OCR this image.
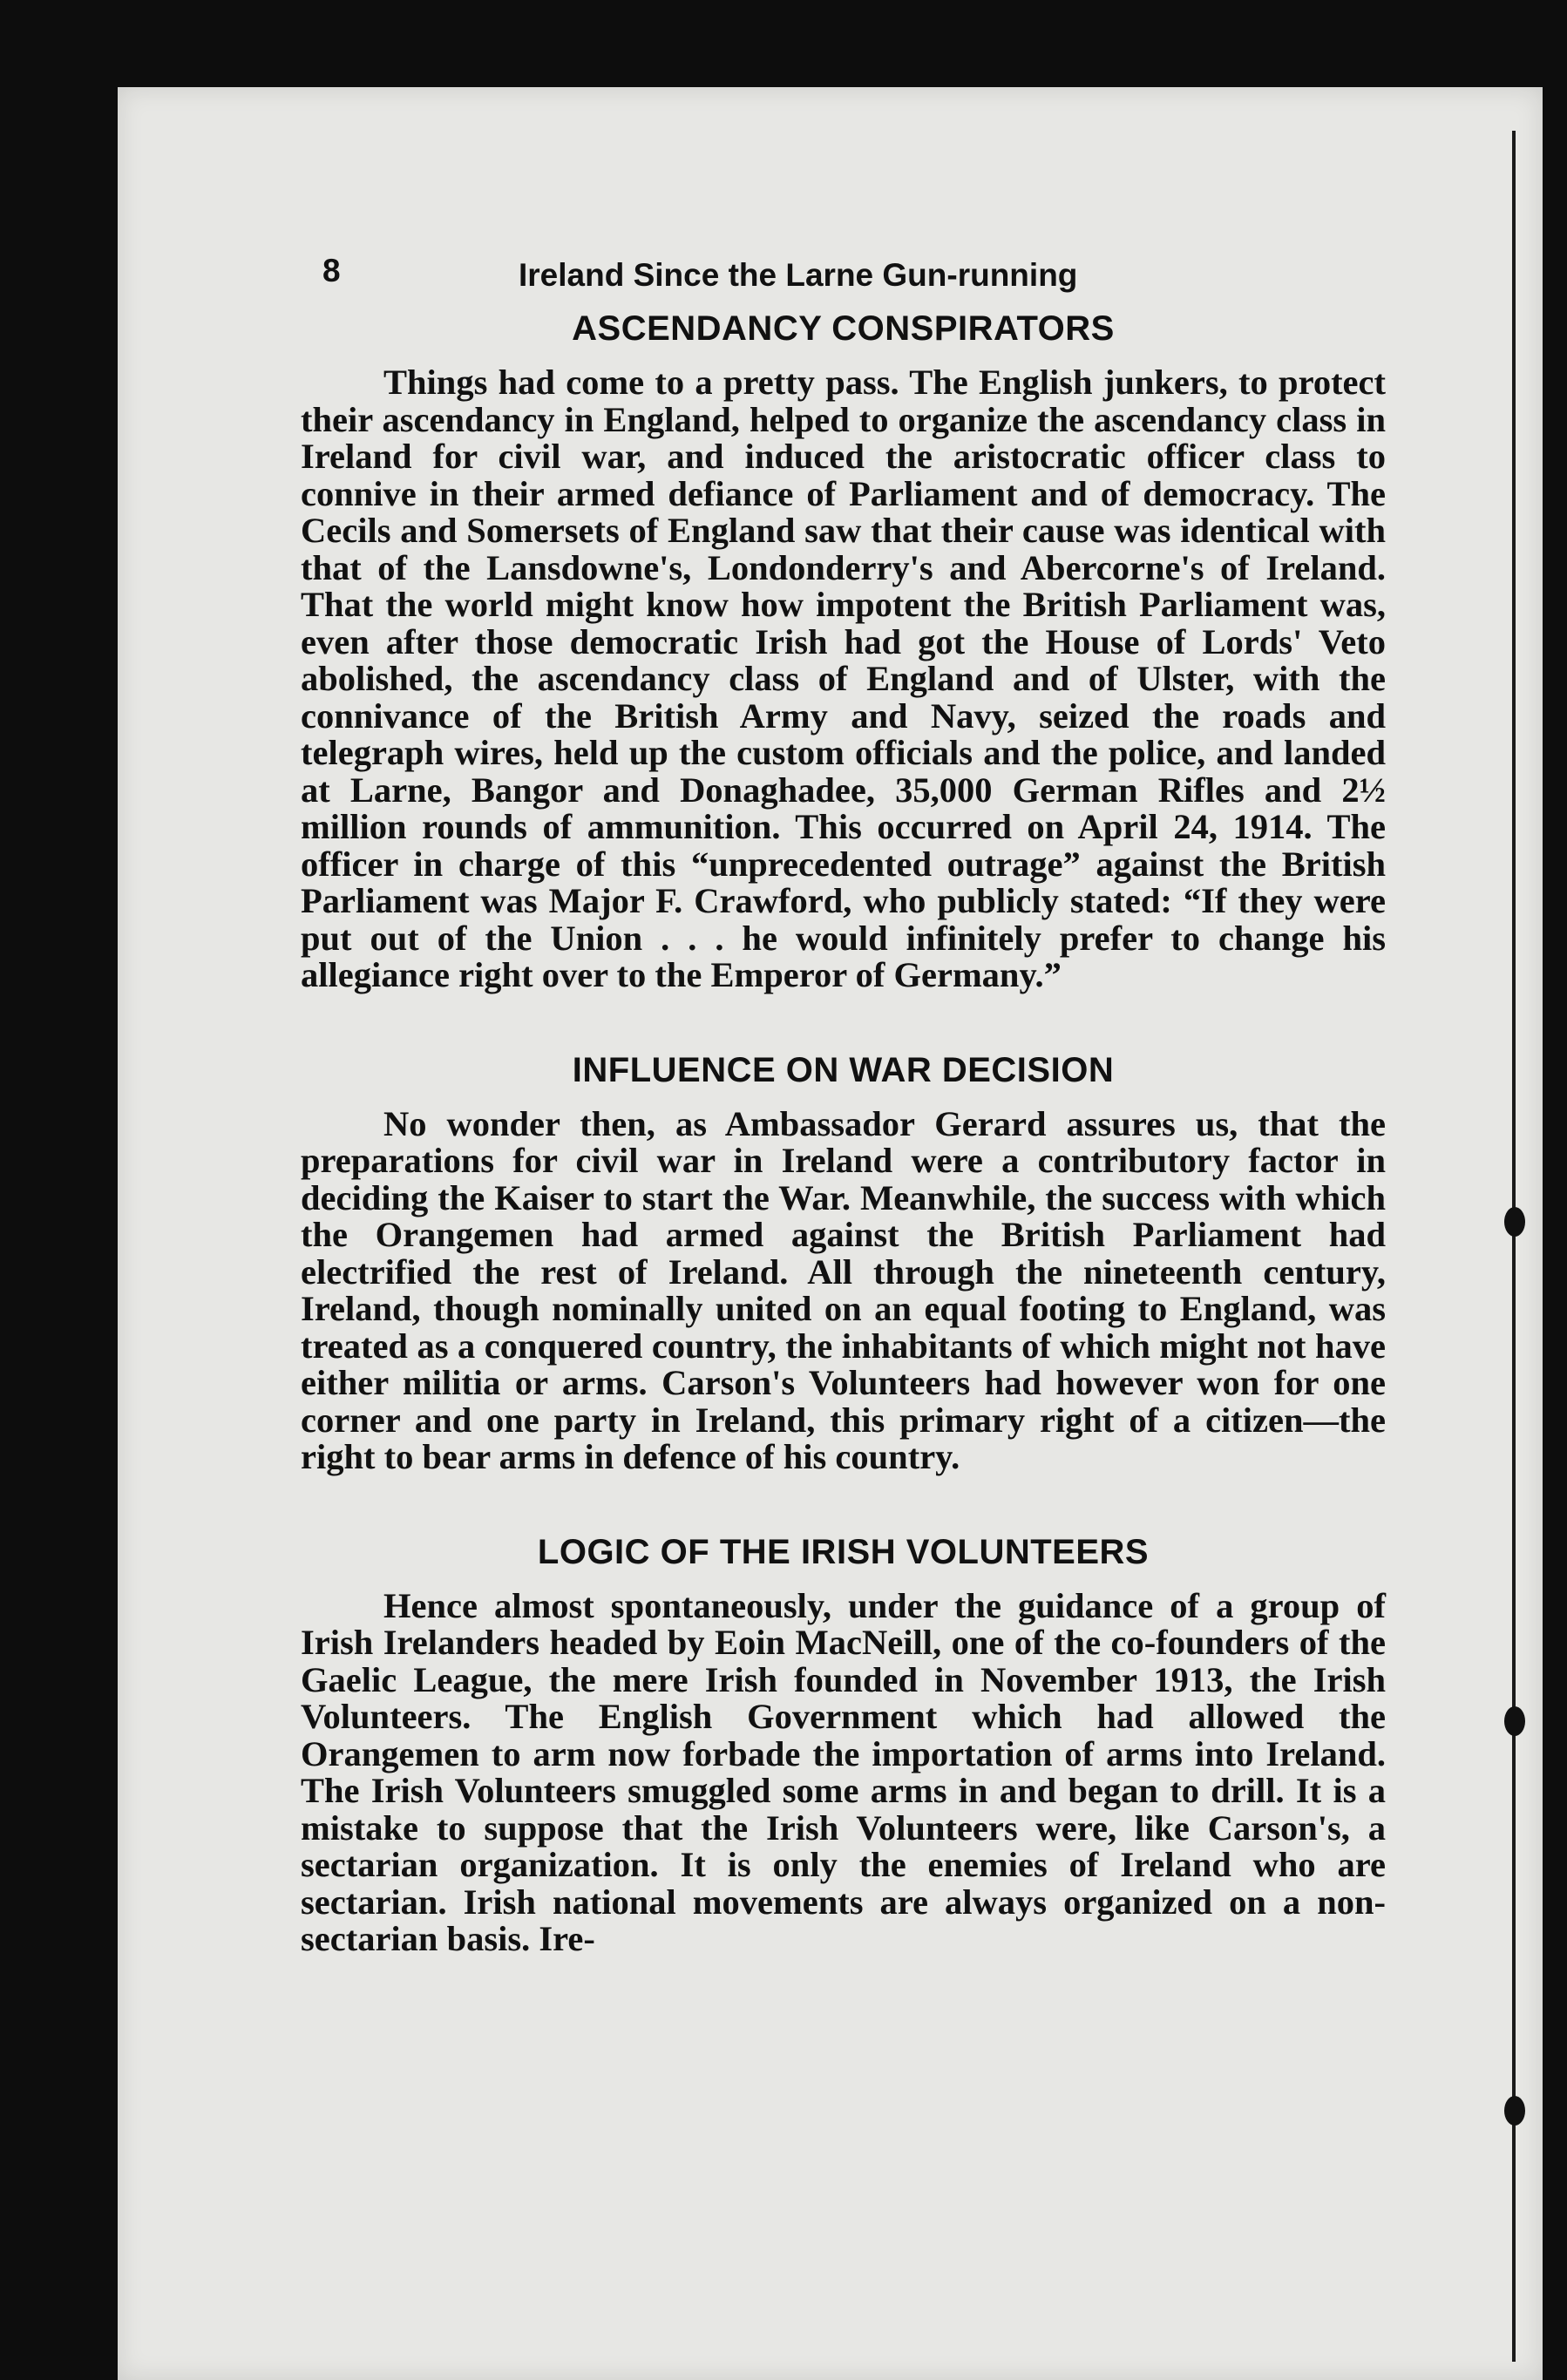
8	Ireland Since the Larne Gun-running
ASCENDANCY CONSPIRATORS

Things had come to a pretty pass. The English junkers, to protect their ascendancy in England, helped to organize the ascendancy class in Ireland for civil war, and induced the aristocratic officer class to connive in their armed defiance of Parliament and of democracy. The Cecils and Somersets of England saw that their cause was identical with that of the Lansdowne's, Londonderry's and Abercorne's of Ireland. That the world might know how impotent the British Parliament was, even after those democratic Irish had got the House of Lords' Veto abolished, the ascendancy class of England and of Ulster, with the connivance of the British Army and Navy, seized the roads and telegraph wires, held up the custom officials and the police, and landed at Larne, Bangor and Donaghadee, 35,000 German Rifles and 2½ million rounds of ammunition. This occurred on April 24, 1914. The officer in charge of this “unprecedented outrage” against the British Parliament was Major F. Crawford, who publicly stated: “If they were put out of the Union . . . he would infinitely prefer to change his allegiance right over to the Emperor of Germany.”

INFLUENCE ON WAR DECISION

No wonder then, as Ambassador Gerard assures us, that the preparations for civil war in Ireland were a contributory factor in deciding the Kaiser to start the War. Meanwhile, the success with which the Orangemen had armed against the British Parliament had electrified the rest of Ireland. All through the nineteenth century, Ireland, though nominally united on an equal footing to England, was treated as a conquered country, the inhabitants of which might not have either militia or arms. Carson's Volunteers had however won for one corner and one party in Ireland, this primary right of a citizen—the right to bear arms in defence of his country.

LOGIC OF THE IRISH VOLUNTEERS

Hence almost spontaneously, under the guidance of a group of Irish Irelanders headed by Eoin MacNeill, one of the co-founders of the Gaelic League, the mere Irish founded in November 1913, the Irish Volunteers. The English Government which had allowed the Orangemen to arm now forbade the importation of arms into Ireland. The Irish Volunteers smuggled some arms in and began to drill. It is a mistake to suppose that the Irish Volunteers were, like Carson's, a sectarian organization. It is only the enemies of Ireland who are sectarian. Irish national movements are always organized on a non-sectarian basis. Ire-
